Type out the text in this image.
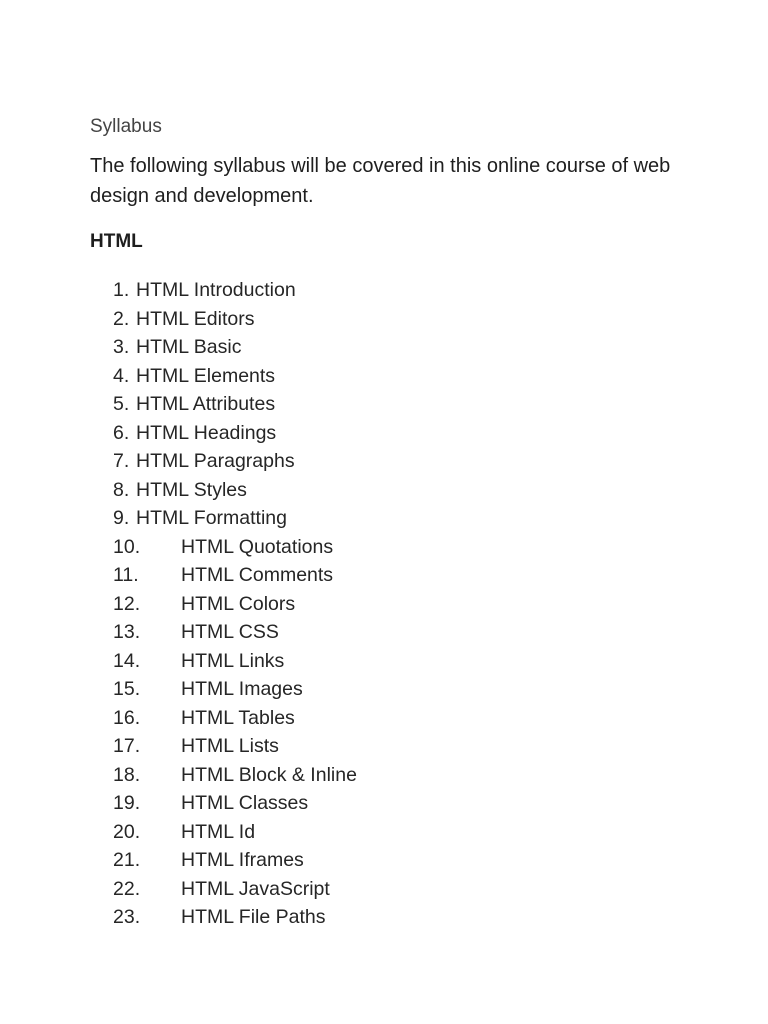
Syllabus
The following syllabus will be covered in this online course of web design and development.
HTML
1. HTML Introduction
2. HTML Editors
3. HTML Basic
4. HTML Elements
5. HTML Attributes
6. HTML Headings
7. HTML Paragraphs
8. HTML Styles
9. HTML Formatting
10. HTML Quotations
11. HTML Comments
12. HTML Colors
13. HTML CSS
14. HTML Links
15. HTML Images
16. HTML Tables
17. HTML Lists
18. HTML Block & Inline
19. HTML Classes
20. HTML Id
21. HTML Iframes
22. HTML JavaScript
23. HTML File Paths
